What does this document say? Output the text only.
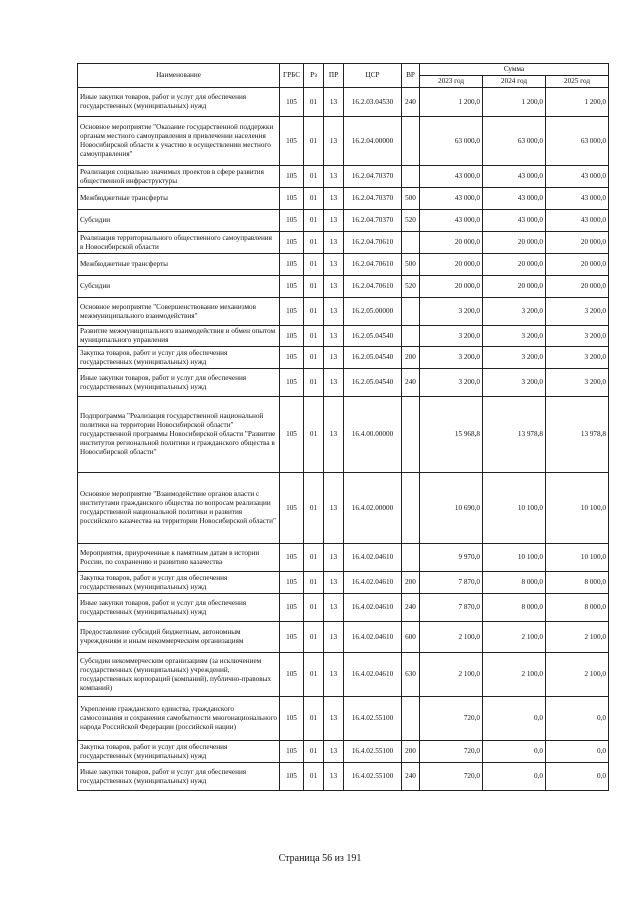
Наименование	ГРБС	Рз	ПР	ЦСР	ВР	Сумма		
						2023 год	2024 год	2025 год
Иные закупки товаров, работ и услуг для обеспечения государственных (муниципальных) нужд	105	01	13	16.2.03.04530	240	1 200,0	1 200,0	1 200,0
Основное мероприятие "Оказание государственной поддержки органам местного самоуправления в привлечении населения Новосибирской области к участию в осуществлении местного самоуправления"	105	01	13	16.2.04.00000		63 000,0	63 000,0	63 000,0
Реализация социально значимых проектов в сфере развития общественной инфраструктуры	105	01	13	16.2.04.70370		43 000,0	43 000,0	43 000,0
Межбюджетные трансферты	105	01	13	16.2.04.70370	500	43 000,0	43 000,0	43 000,0
Субсидии	105	01	13	16.2.04.70370	520	43 000,0	43 000,0	43 000,0
Реализация территориального общественного самоуправления в Новосибирской области	105	01	13	16.2.04.70610		20 000,0	20 000,0	20 000,0
Межбюджетные трансферты	105	01	13	16.2.04.70610	500	20 000,0	20 000,0	20 000,0
Субсидии	105	01	13	16.2.04.70610	520	20 000,0	20 000,0	20 000,0
Основное мероприятие "Совершенствование механизмов межмуниципального взаимодействия"	105	01	13	16.2.05.00000		3 200,0	3 200,0	3 200,0
Развитие межмуниципального взаимодействия и обмен опытом муниципального управления	105	01	13	16.2.05.04540		3 200,0	3 200,0	3 200,0
Закупка товаров, работ и услуг для обеспечения государственных (муниципальных) нужд	105	01	13	16.2.05.04540	200	3 200,0	3 200,0	3 200,0
Иные закупки товаров, работ и услуг для обеспечения государственных (муниципальных) нужд	105	01	13	16.2.05.04540	240	3 200,0	3 200,0	3 200,0
Подпрограмма "Реализация государственной национальной политики на территории Новосибирской области" государственной программы Новосибирской области "Развитие институтов региональной политики и гражданского общества в Новосибирской области"	105	01	13	16.4.00.00000		15 968,8	13 978,8	13 978,8
Основное мероприятие "Взаимодействие органов власти с институтами гражданского общества по вопросам реализации государственной национальной политики и развития российского казачества на территории Новосибирской области"	105	01	13	16.4.02.00000		10 690,0	10 100,0	10 100,0
Мероприятия, приуроченные к памятным датам в истории России, по сохранению и развитию казачества	105	01	13	16.4.02.04610		9 970,0	10 100,0	10 100,0
Закупка товаров, работ и услуг для обеспечения государственных (муниципальных) нужд	105	01	13	16.4.02.04610	200	7 870,0	8 000,0	8 000,0
Иные закупки товаров, работ и услуг для обеспечения государственных (муниципальных) нужд	105	01	13	16.4.02.04610	240	7 870,0	8 000,0	8 000,0
Предоставление субсидий бюджетным, автономным учреждениям и иным некоммерческим организациям	105	01	13	16.4.02.04610	600	2 100,0	2 100,0	2 100,0
Субсидии некоммерческим организациям (за исключением государственных (муниципальных) учреждений, государственных корпораций (компаний), публично-правовых компаний)	105	01	13	16.4.02.04610	630	2 100,0	2 100,0	2 100,0
Укрепление гражданского единства, гражданского самосознания и сохранения самобытности многонационального народа Российской Федерации (российской нации)	105	01	13	16.4.02.55100		720,0	0,0	0,0
Закупка товаров, работ и услуг для обеспечения государственных (муниципальных) нужд	105	01	13	16.4.02.55100	200	720,0	0,0	0,0
Иные закупки товаров, работ и услуг для обеспечения государственных (муниципальных) нужд	105	01	13	16.4.02.55100	240	720,0	0,0	0,0
Страница 56 из 191
